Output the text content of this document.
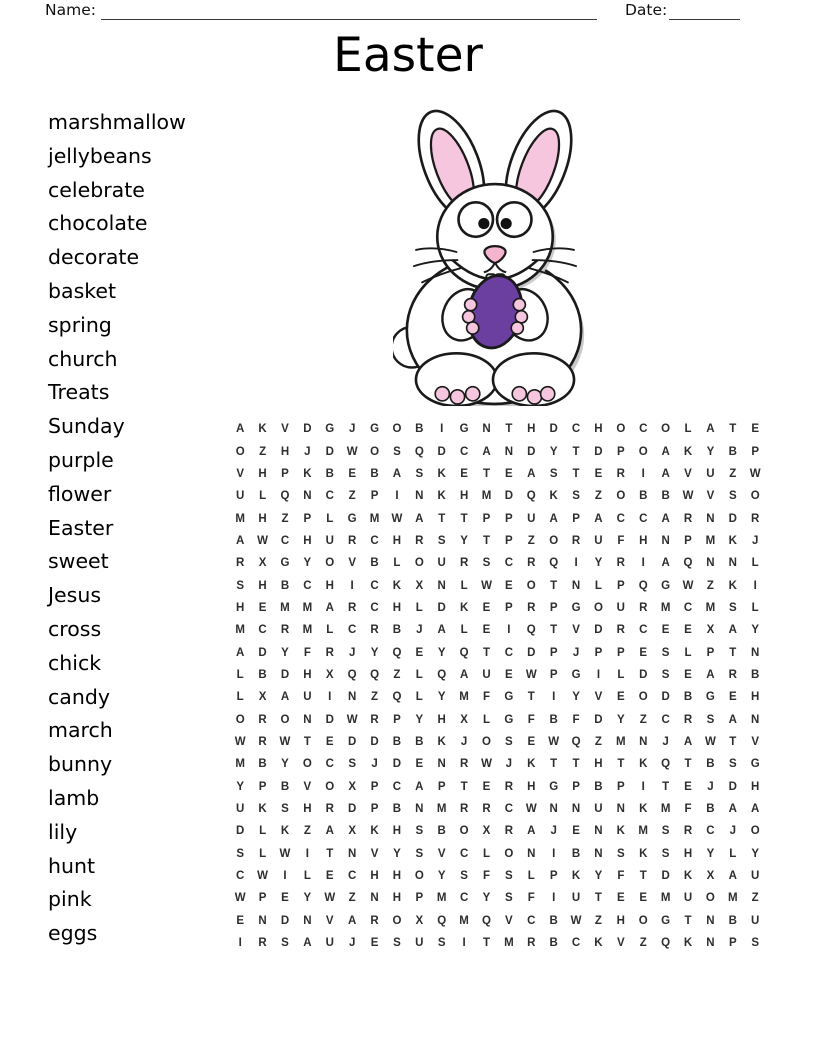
Name:	Date:
Easter
marshmallow
jellybeans
celebrate
chocolate
decorate
basket
spring
church
Treats
Sunday
purple
flower
Easter
sweet
Jesus
cross
chick
candy
march
bunny
lamb
lily
hunt
pink
eggs
A	K	V	D	G	J	G	O	B	I	G	N	T	H	D	C	H	O	C	O	L	A	T	E
O	Z	H	J	D	W	O	S	Q	D	C	A	N	D	Y	T	D	P	O	A	K	Y	B	P
V	H	P	K	B	E	B	A	S	K	E	T	E	A	S	T	E	R	I	A	V	U	Z	W
U	L	Q	N	C	Z	P	I	N	K	H	M	D	Q	K	S	Z	O	B	B	W	V	S	O
M	H	Z	P	L	G	M	W	A	T	T	P	P	U	A	P	A	C	C	A	R	N	D	R
A	W	C	H	U	R	C	H	R	S	Y	T	P	Z	O	R	U	F	H	N	P	M	K	J
R	X	G	Y	O	V	B	L	O	U	R	S	C	R	Q	I	Y	R	I	A	Q	N	N	L
S	H	B	C	H	I	C	K	X	N	L	W	E	O	T	N	L	P	Q	G	W	Z	K	I
H	E	M	M	A	R	C	H	L	D	K	E	P	R	P	G	O	U	R	M	C	M	S	L
M	C	R	M	L	C	R	B	J	A	L	E	I	Q	T	V	D	R	C	E	E	X	A	Y
A	D	Y	F	R	J	Y	Q	E	Y	Q	T	C	D	P	J	P	P	E	S	L	P	T	N
L	B	D	H	X	Q	Q	Z	L	Q	A	U	E	W	P	G	I	L	D	S	E	A	R	B
L	X	A	U	I	N	Z	Q	L	Y	M	F	G	T	I	Y	V	E	O	D	B	G	E	H
O	R	O	N	D	W	R	P	Y	H	X	L	G	F	B	F	D	Y	Z	C	R	S	A	N
W	R	W	T	E	D	D	B	B	K	J	O	S	E	W	Q	Z	M	N	J	A	W	T	V
M	B	Y	O	C	S	J	D	E	N	R	W	J	K	T	T	H	T	K	Q	T	B	S	G
Y	P	B	V	O	X	P	C	A	P	T	E	R	H	G	P	B	P	I	T	E	J	D	H
U	K	S	H	R	D	P	B	N	M	R	R	C	W	N	N	U	N	K	M	F	B	A	A
D	L	K	Z	A	X	K	H	S	B	O	X	R	A	J	E	N	K	M	S	R	C	J	O
S	L	W	I	T	N	V	Y	S	V	C	L	O	N	I	B	N	S	K	S	H	Y	L	Y
C	W	I	L	E	C	H	H	O	Y	S	F	S	L	P	K	Y	F	T	D	K	X	A	U
W	P	E	Y	W	Z	N	H	P	M	C	Y	S	F	I	U	T	E	E	M	U	O	M	Z
E	N	D	N	V	A	R	O	X	Q	M	Q	V	C	B	W	Z	H	O	G	T	N	B	U
I	R	S	A	U	J	E	S	U	S	I	T	M	R	B	C	K	V	Z	Q	K	N	P	S
